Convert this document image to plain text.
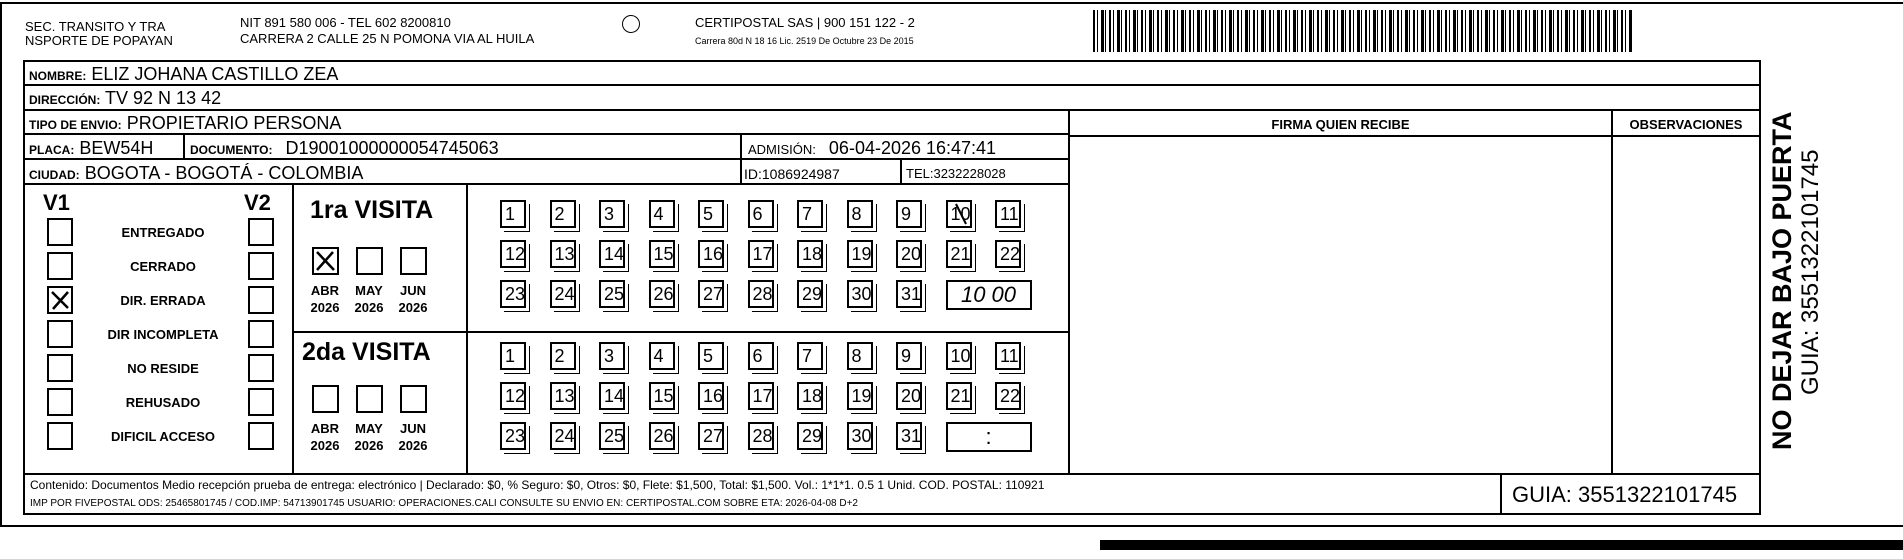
SEC. TRANSITO Y TRA
NSPORTE DE POPAYAN
NIT 891 580 006 - TEL 602 8200810
CARRERA 2 CALLE 25 N POMONA VIA AL HUILA
CERTIPOSTAL SAS | 900 151 122 - 2
Carrera 80d N 18 16 Lic. 2519 De Octubre 23 De 2015
NOMBRE: ELIZ JOHANA CASTILLO ZEA
DIRECCIÓN: TV 92 N 13 42
TIPO DE ENVIO: PROPIETARIO PERSONA
PLACA: BEW54H	DOCUMENTO: D19001000000054745063	ADMISIÓN: 06-04-2026 16:47:41
CIUDAD: BOGOTA - BOGOTÁ - COLOMBIA	ID:1086924987	TEL:3232228028
FIRMA QUIEN RECIBE	OBSERVACIONES
V1	V2
ENTREGADO
CERRADO
DIR. ERRADA
DIR INCOMPLETA
NO RESIDE
REHUSADO
DIFICIL ACCESO
1ra VISITA
2da VISITA
ABR
2026
MAY
2026
JUN
2026
ABR
2026
MAY
2026
JUN
2026
1	2	3	4	5	6	7	8	9	10 11
12 13 14 15 16 17 18 19 20 21 22
23 24 25 26 27 28 29 30 31	10 00
1	2	3	4	5	6	7	8	9	10 11
12 13 14 15 16 17 18 19 20 21 22
23 24 25 26 27 28 29 30 31	:
Contenido: Documentos Medio recepción prueba de entrega: electrónico | Declarado: $0, % Seguro: $0, Otros: $0, Flete: $1,500, Total: $1,500. Vol.: 1*1*1. 0.5 1 Unid. COD. POSTAL: 110921
IMP POR FIVEPOSTAL ODS: 25465801745 / COD.IMP: 54713901745 USUARIO: OPERACIONES.CALI CONSULTE SU ENVIO EN: CERTIPOSTAL.COM SOBRE ETA: 2026-04-08 D+2	GUIA: 3551322101745
NO DEJAR BAJO PUERTA GUIA: 3551322101745
